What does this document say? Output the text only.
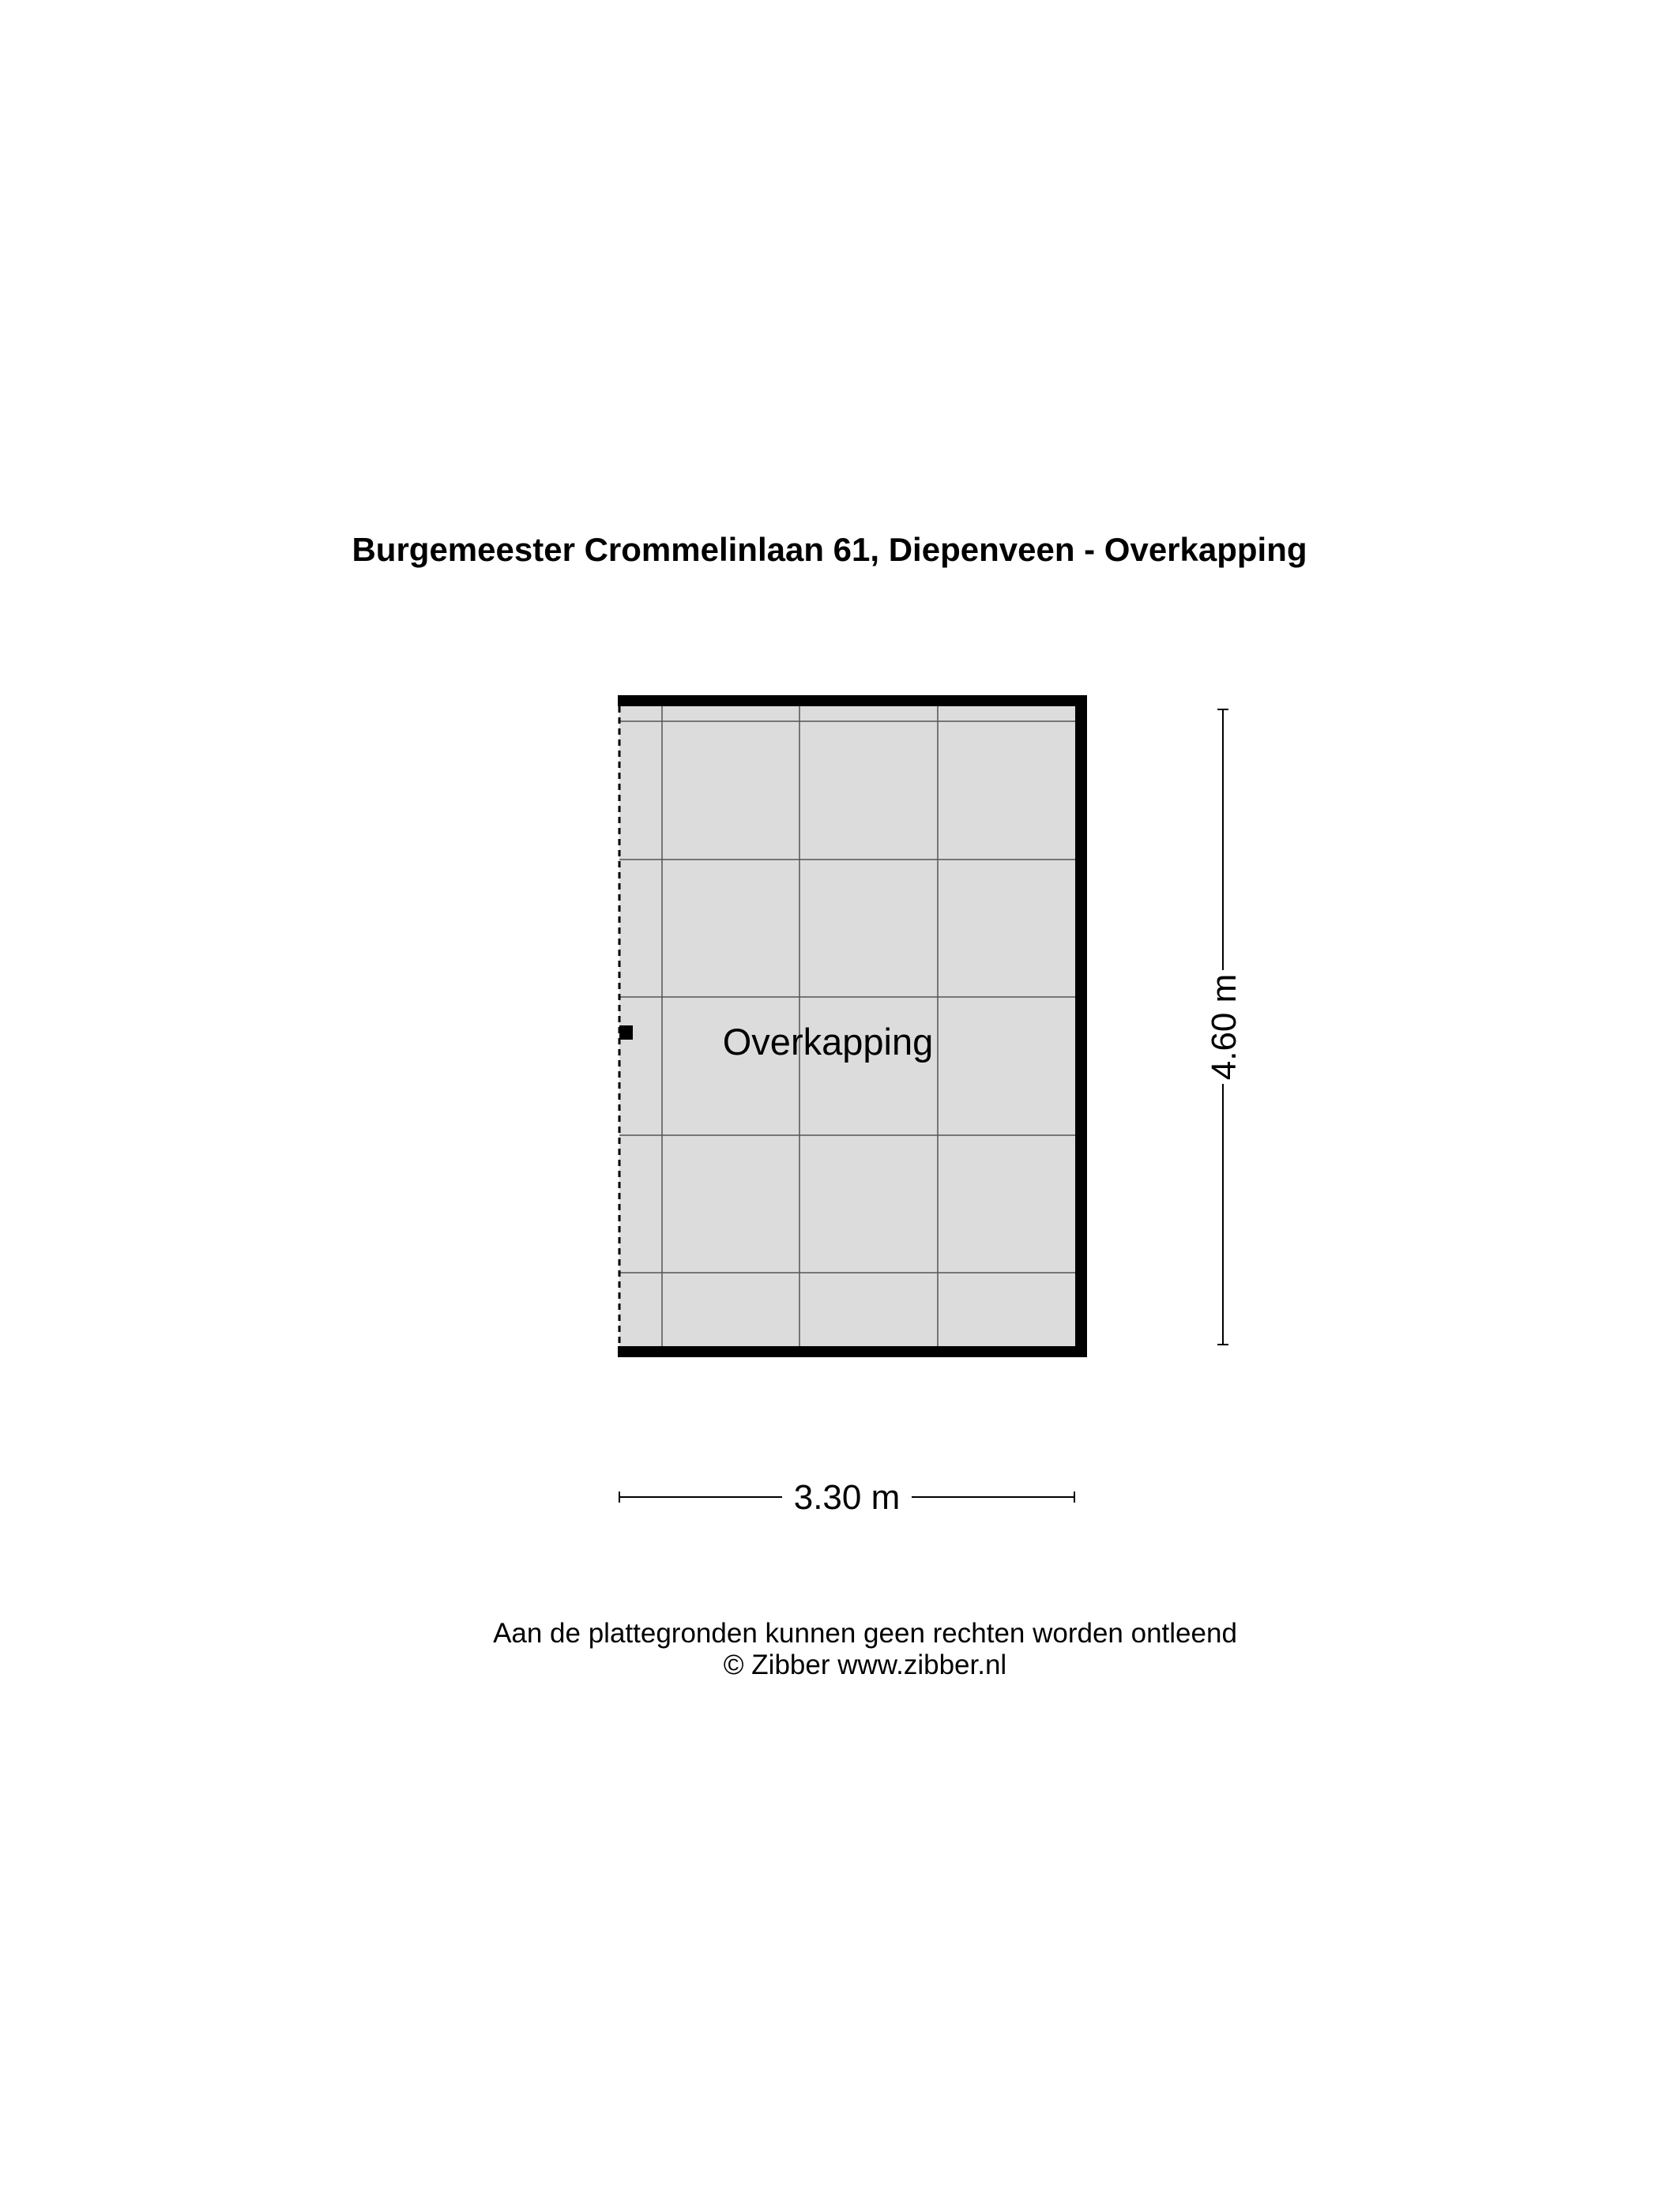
Burgemeester Crommelinlaan 61, Diepenveen - Overkapping
Overkapping	4.60 m
3.30 m
Aan de plattegronden kunnen geen rechten worden ontleend
© Zibber www.zibber.nl
